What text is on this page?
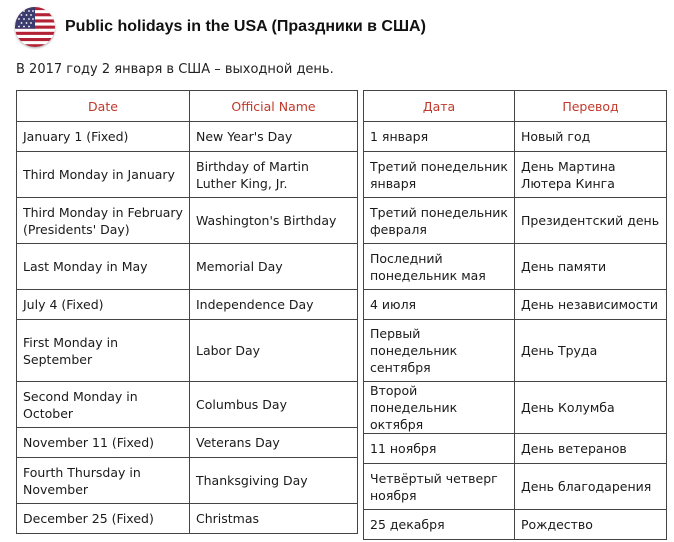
Public holidays in the USA (Праздники в США)
В 2017 году 2 января в США – выходной день.
Date	Official Name
January 1 (Fixed)	New Year's Day
Third Monday in January	Birthday of Martin Luther King, Jr.
Third Monday in February (Presidents' Day)	Washington's Birthday
Last Monday in May	Memorial Day
July 4 (Fixed)	Independence Day
First Monday in September	Labor Day
Second Monday in October	Columbus Day
November 11 (Fixed)	Veterans Day
Fourth Thursday in November	Thanksgiving Day
December 25 (Fixed)	Christmas
Дата	Перевод
1 января	Новый год
Третий понедельник января	День Мартина Лютера Кинга
Третий понедельник февраля	Президентский день
Последний понедельник мая	День памяти
4 июля	День независимости
Первый понедельник сентября	День Труда
Второй понедельник октября	День Колумба
11 ноября	День ветеранов
Четвёртый четверг ноября	День благодарения
25 декабря	Рождество
